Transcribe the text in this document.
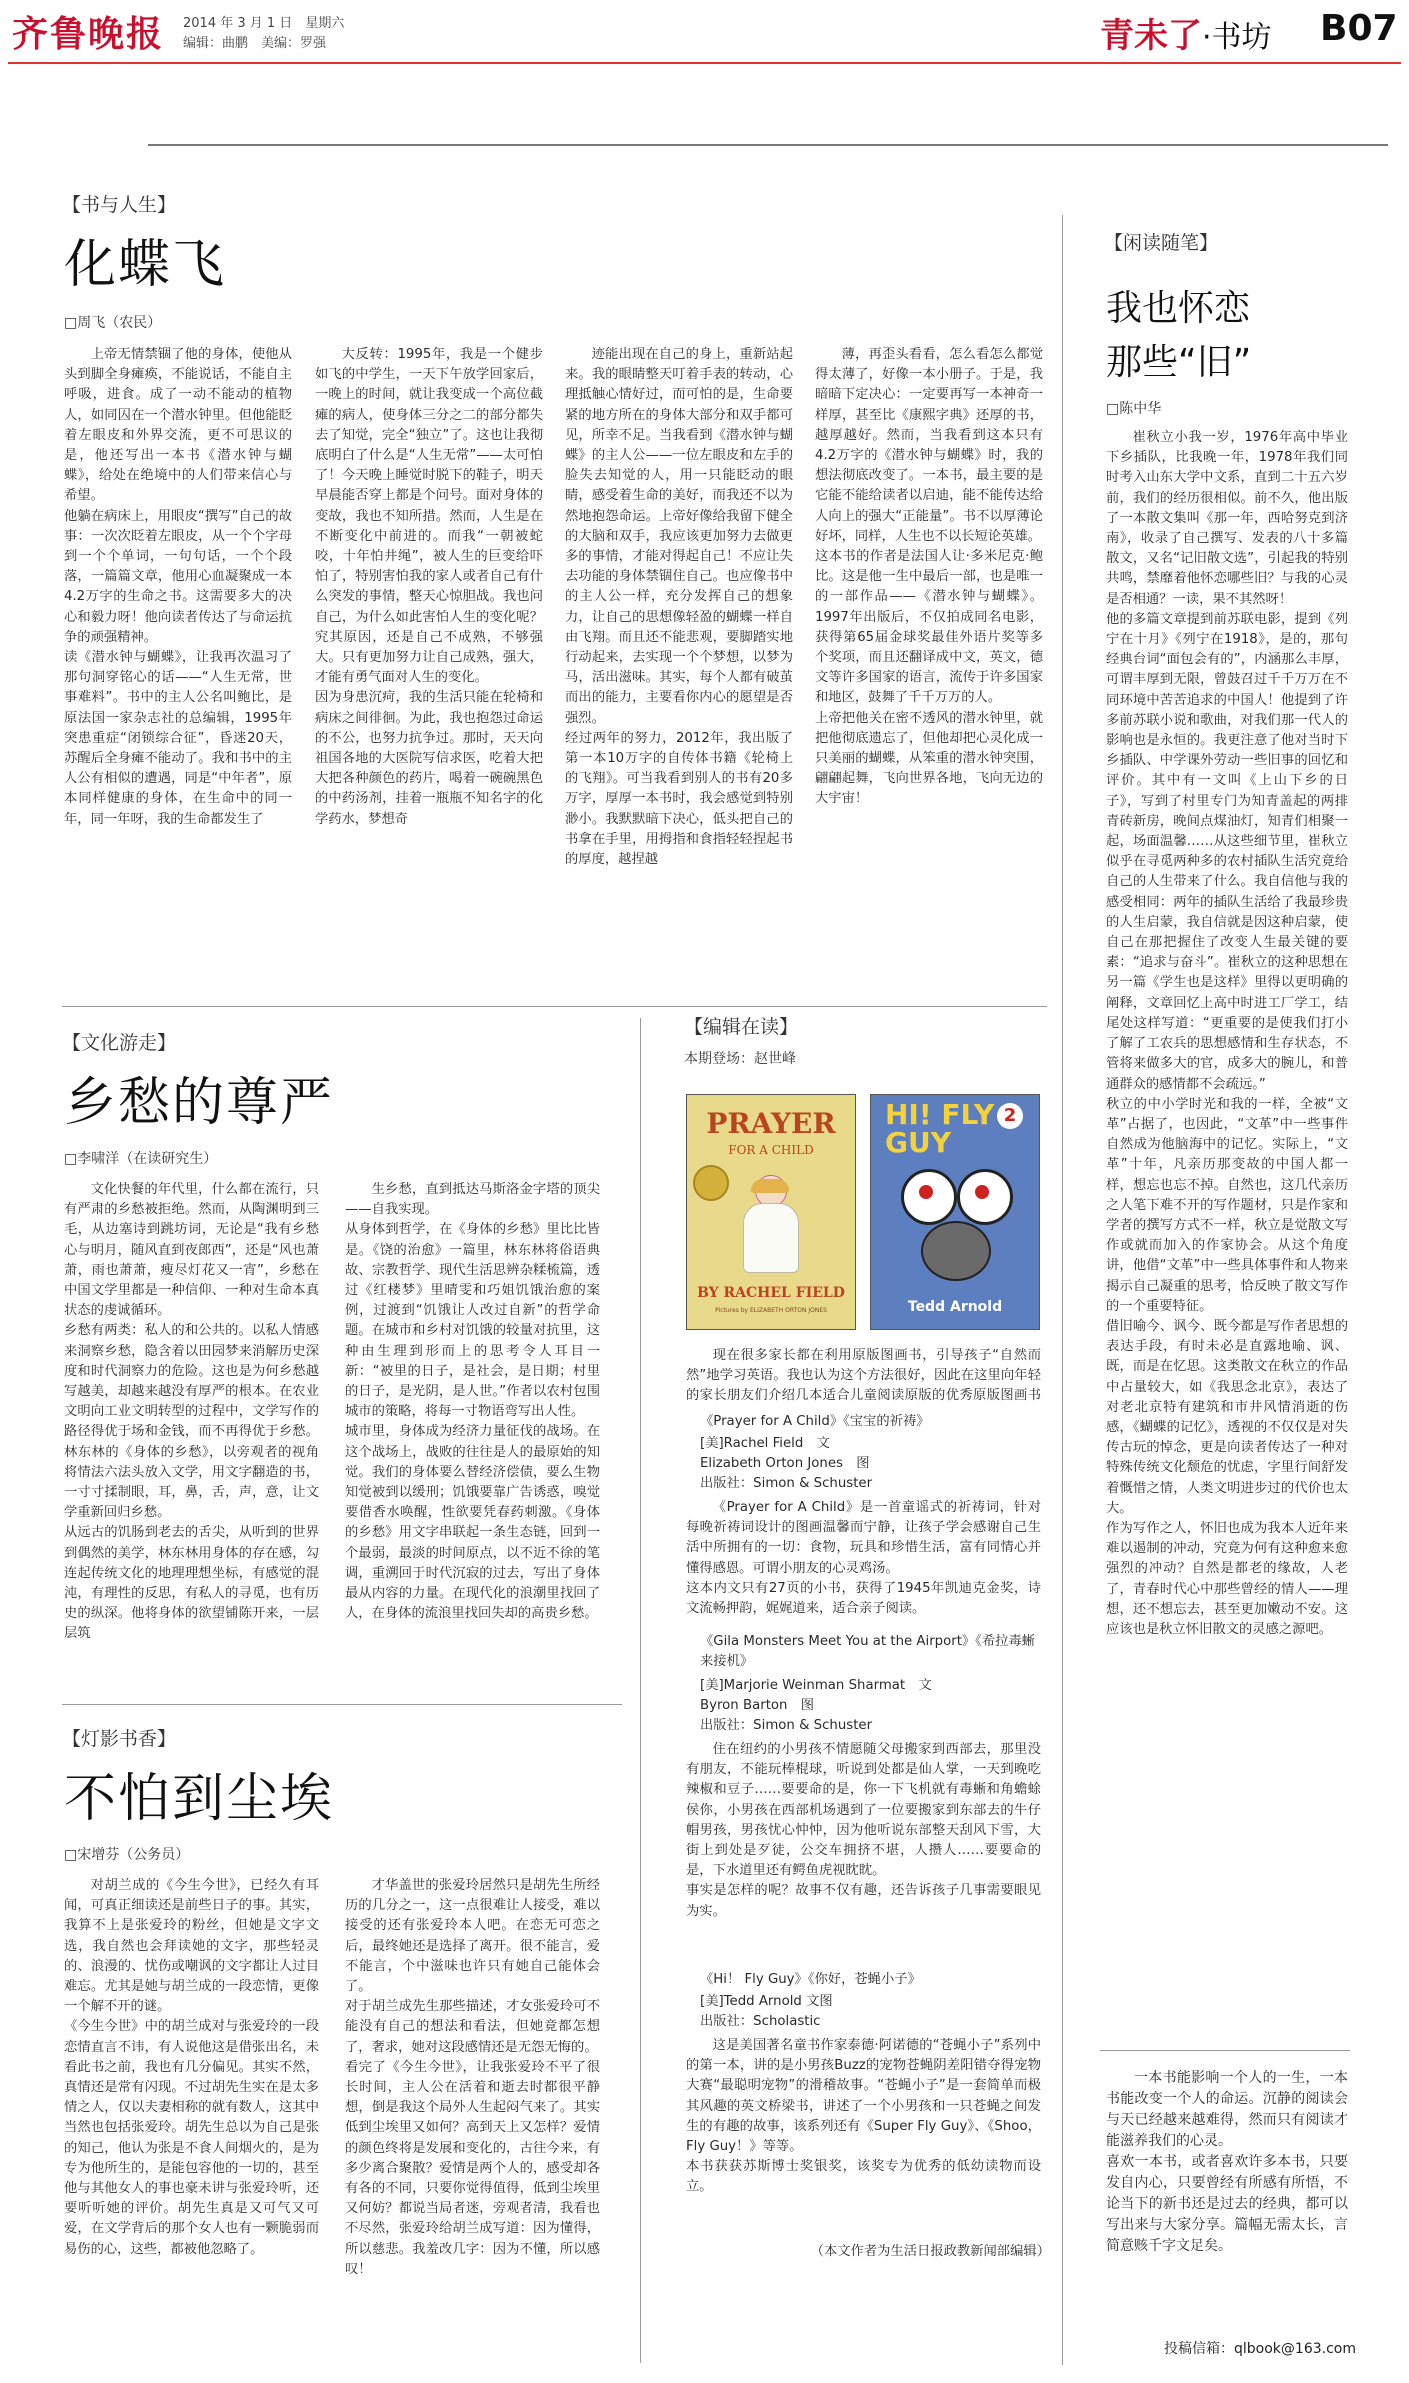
齐鲁晚报 2014 年 3 月 1 日　 星期六
编辑：曲鹏　美编：罗强	青未了·书坊 B07
【书与人生】
化蝶飞
□周飞（农民）
上帝无情禁锢了他的身体，使他从头到脚全身瘫痪，不能说话，不能自主呼吸，进食。成了一动不能动的植物人，如同囚在一个潜水钟里。但他能眨着左眼皮和外界交流，更不可思议的是，他还写出一本书《潜水钟与蝴蝶》，给处在绝境中的人们带来信心与希望。
他躺在病床上，用眼皮“撰写”自己的故事：一次次眨着左眼皮，从一个个字母到一个个单词，一句句话，一个个段落，一篇篇文章，他用心血凝聚成一本4.2万字的生命之书。这需要多大的决心和毅力呀！他向读者传达了与命运抗争的顽强精神。
读《潜水钟与蝴蝶》，让我再次温习了那句洞穿铭心的话——“人生无常，世事难料”。书中的主人公名叫鲍比，是原法国一家杂志社的总编辑，1995年突患重症“闭锁综合征”，昏迷20天，苏醒后全身瘫不能动了。我和书中的主人公有相似的遭遇，同是“中年者”，原本同样健康的身体，在生命中的同一年，同一年呀，我的生命都发生了
大反转：1995年，我是一个健步如飞的中学生，一天下午放学回家后，一晚上的时间，就让我变成一个高位截瘫的病人，使身体三分之二的部分都失去了知觉，完全“独立”了。这也让我彻底明白了什么是“人生无常”——太可怕了！今天晚上睡觉时脱下的鞋子，明天早晨能否穿上都是个问号。面对身体的变故，我也不知所措。然而，人生是在不断变化中前进的。而我“一朝被蛇咬，十年怕井绳”，被人生的巨变给吓怕了，特别害怕我的家人或者自己有什么突发的事情，整天心惊胆战。我也问自己，为什么如此害怕人生的变化呢？究其原因，还是自己不成熟，不够强大。只有更加努力让自己成熟，强大，才能有勇气面对人生的变化。
因为身患沉疴，我的生活只能在轮椅和病床之间徘徊。为此，我也抱怨过命运的不公，也努力抗争过。那时，天天向祖国各地的大医院写信求医，吃着大把大把各种颜色的药片，喝着一碗碗黑色的中药汤剂，挂着一瓶瓶不知名字的化学药水，梦想奇
迹能出现在自己的身上，重新站起来。我的眼睛整天叮着手表的转动，心理抵触心情好过，而可怕的是，生命要紧的地方所在的身体大部分和双手都可见，所幸不足。当我看到《潜水钟与蝴蝶》的主人公——一位左眼皮和左手的脸失去知觉的人，用一只能眨动的眼睛，感受着生命的美好，而我还不以为然地抱怨命运。上帝好像给我留下健全的大脑和双手，我应该更加努力去做更多的事情，才能对得起自己！不应让失去功能的身体禁锢住自己。也应像书中的主人公一样，充分发挥自己的想象力，让自己的思想像轻盈的蝴蝶一样自由飞翔。而且还不能悲观，要脚踏实地行动起来，去实现一个个梦想，以梦为马，活出滋味。其实，每个人都有破茧而出的能力，主要看你内心的愿望是否强烈。
经过两年的努力，2012年，我出版了第一本10万字的自传体书籍《轮椅上的飞翔》。可当我看到别人的书有20多万字，厚厚一本书时，我会感觉到特别渺小。我默默暗下决心，低头把自己的书拿在手里，用拇指和食指轻轻捏起书的厚度，越捏越
薄，再歪头看看，怎么看怎么都觉得太薄了，好像一本小册子。于是，我暗暗下定决心：一定要再写一本神奇一样厚，甚至比《康熙字典》还厚的书，越厚越好。然而，当我看到这本只有4.2万字的《潜水钟与蝴蝶》时，我的想法彻底改变了。一本书，最主要的是它能不能给读者以启迪，能不能传达给人向上的强大“正能量”。书不以厚薄论好坏，同样，人生也不以长短论英雄。
这本书的作者是法国人让·多米尼克·鲍比。这是他一生中最后一部，也是唯一的一部作品——《潜水钟与蝴蝶》。1997年出版后，不仅拍成同名电影，获得第65届金球奖最佳外语片奖等多个奖项，而且还翻译成中文，英文，德文等许多国家的语言，流传于许多国家和地区，鼓舞了千千万万的人。
上帝把他关在密不透风的潜水钟里，就把他彻底遗忘了，但他却把心灵化成一只美丽的蝴蝶，从笨重的潜水钟突围，翩翩起舞，飞向世界各地，飞向无边的大宇宙！
【文化游走】
乡愁的尊严
□李啸洋（在读研究生）
文化快餐的年代里，什么都在流行，只有严肃的乡愁被拒绝。然而，从陶渊明到三毛，从边塞诗到跳坊词，无论是“我有乡愁心与明月，随风直到夜郎西”，还是“风也萧萧，雨也萧萧，瘦尽灯花又一宵”，乡愁在中国文学里都是一种信仰、一种对生命本真状态的虔诚循环。
乡愁有两类：私人的和公共的。以私人情感来洞察乡愁，隐含着以田园梦来消解历史深度和时代洞察力的危险。这也是为何乡愁越写越美，却越来越没有厚严的根本。在农业文明向工业文明转型的过程中，文学写作的路径得优于场和金钱，而不再得优于乡愁。林东林的《身体的乡愁》，以旁观者的视角将情法六法头放入文学，用文字翻造的书，一寸寸揉制眼，耳，鼻，舌，声，意，让文学重新回归乡愁。
从远古的饥肠到老去的舌尖，从听到的世界到偶然的美学，林东林用身体的存在感，勾连起传统文化的地理理想坐标，有感觉的混沌，有理性的反思，有私人的寻觅，也有历史的纵深。他将身体的欲望铺陈开来，一层层筑
生乡愁，直到抵达马斯洛金字塔的顶尖——自我实现。
从身体到哲学，在《身体的乡愁》里比比皆是。《饶的治愈》一篇里，林东林将俗语典故、宗教哲学、现代生活思辨杂糅梳篇，透过《红楼梦》里晴雯和巧姐饥饿治愈的案例，过渡到“饥饿让人改过自新”的哲学命题。在城市和乡村对饥饿的较量对抗里，这种由生理到形而上的思考令人耳目一新：“被里的日子，是社会，是日期；村里的日子，是光阴，是人世。”作者以农村包围城市的策略，将每一寸物语弯写出人性。
城市里，身体成为经济力量征伐的战场。在这个战场上，战败的往往是人的最原始的知觉。我们的身体要么替经济偿债，要么生物知觉被到以缓刑；饥饿要靠广告诱惑，嗅觉要借香水唤醒，性欲要凭春药刺激。《身体的乡愁》用文字串联起一条生态链，回到一个最弱，最淡的时间原点，以不近不徐的笔调，重溯回于时代沉寂的过去，写出了身体最从内容的力量。在现代化的浪潮里找回了人，在身体的流浪里找回失却的高贵乡愁。
【灯影书香】
不怕到尘埃
□宋增芬（公务员）
对胡兰成的《今生今世》，已经久有耳闻，可真正细读还是前些日子的事。其实，我算不上是张爱玲的粉丝，但她是文字文选，我自然也会拜读她的文字，那些轻灵的、浪漫的、忧伤或嘲讽的文字都让人过目难忘。尤其是她与胡兰成的一段恋情，更像一个解不开的谜。
《今生今世》中的胡兰成对与张爱玲的一段恋情直言不讳，有人说他这是借张出名，未看此书之前，我也有几分偏见。其实不然，真情还是常有闪现。不过胡先生实在是太多情之人，仅以夫妻相称的就有数人，这其中当然也包括张爱玲。胡先生总以为自己是张的知己，他认为张是不食人间烟火的，是为专为他所生的，是能包容他的一切的，甚至他与其他女人的事也豪未讲与张爱玲听，还要听听她的评价。胡先生真是又可气又可爱，在文学背后的那个女人也有一颗脆弱而易伤的心，这些，都被他忽略了。
才华盖世的张爱玲居然只是胡先生所经历的几分之一，这一点很难让人接受，难以接受的还有张爱玲本人吧。在恋无可恋之后，最终她还是选择了离开。很不能言，爱不能言，个中滋味也许只有她自己能体会了。
对于胡兰成先生那些描述，才女张爱玲可不能没有自己的想法和看法，但她竟都怎想了，奢求，她对这段感情还是无怨无悔的。
看完了《今生今世》，让我张爱玲不平了很长时间，主人公在活着和逝去时都很平静想，倒是我这个局外人生起闷气来了。其实低到尘埃里又如何？高到天上又怎样？爱情的颜色终将是发展和变化的，古往今来，有多少离合聚散？爱情是两个人的，感受却各有各的不同，只要你觉得值得，低到尘埃里又何妨？都说当局者迷，旁观者清，我看也不尽然，张爱玲给胡兰成写道：因为懂得，所以慈悲。我羞改几字：因为不懂，所以感叹！
【编辑在读】
本期登场：赵世峰
PRAYER
FOR A CHILD
BY RACHEL FIELD
Pictures by ELIZABETH ORTON JONES
HI! FLY GUY
2
Tedd Arnold
现在很多家长都在利用原版图画书，引导孩子“自然而然”地学习英语。我也认为这个方法很好，因此在这里向年轻的家长朋友们介绍几本适合儿童阅读原版的优秀原版图画书
《Prayer for A Child》《宝宝的祈祷》
[美]Rachel Field　文
Elizabeth Orton Jones　图
出版社：Simon & Schuster
《Prayer for A Child》是一首童谣式的祈祷词，针对每晚祈祷词设计的图画温馨而宁静，让孩子学会感谢自己生活中所拥有的一切：食物，玩具和珍惜生活，富有同情心并懂得感恩。可谓小朋友的心灵鸡汤。
这本内文只有27页的小书，获得了1945年凯迪克金奖，诗文流畅押韵，娓娓道来，适合亲子阅读。
《Gila Monsters Meet You at the Airport》《希拉毒蜥来接机》
[美]Marjorie Weinman Sharmat　文
Byron Barton　图
出版社：Simon & Schuster
住在纽约的小男孩不情愿随父母搬家到西部去，那里没有朋友，不能玩棒棍球，听说到处都是仙人掌，一天到晚吃辣椒和豆子……要要命的是，你一下飞机就有毒蜥和角蟾蜍侯你，小男孩在西部机场遇到了一位要搬家到东部去的牛仔帽男孩，男孩忧心忡忡，因为他听说东部整天刮风下雪，大街上到处是歹徒，公交车拥挤不堪，人攒人……要要命的是，下水道里还有鳄鱼虎视眈眈。
事实是怎样的呢？故事不仅有趣，还告诉孩子几事需要眼见为实。
《Hi！ Fly Guy》《你好，苍蝇小子》
[美]Tedd Arnold 文图
出版社：Scholastic
这是美国著名童书作家泰德·阿诺德的“苍蝇小子”系列中的第一本，讲的是小男孩Buzz的宠物苍蝇阴差阳错夺得宠物大赛“最聪明宠物”的滑稽故事。“苍蝇小子”是一套简单而极其风趣的英文桥梁书，讲述了一个小男孩和一只苍蝇之间发生的有趣的故事，该系列还有《Super Fly Guy》、《Shoo，Fly Guy！》等等。
本书获获苏斯博士奖银奖，该奖专为优秀的低幼读物而设立。
（本文作者为生活日报政教新闻部编辑）
【闲读随笔】
我也怀恋
那些“旧”
□陈中华
崔秋立小我一岁，1976年高中毕业下乡插队，比我晚一年，1978年我们同时考入山东大学中文系，直到二十五六岁前，我们的经历很相似。前不久，他出版了一本散文集叫《那一年，西哈努克到济南》，收录了自己撰写、发表的八十多篇散文，又名“记旧散文选”，引起我的特别共鸣，禁靡着他怀恋哪些旧？与我的心灵是否相通？一读，果不其然呀！
他的多篇文章提到前苏联电影，提到《列宁在十月》《列宁在1918》，是的，那句经典台词“面包会有的”，内涵那么丰厚，可谓丰厚到无限，曾鼓召过千千万万在不同环境中苦苦追求的中国人！他提到了许多前苏联小说和歌曲，对我们那一代人的影响也是永恒的。我更注意了他对当时下乡插队、中学课外劳动一些旧事的回忆和评价。其中有一文叫《上山下乡的日子》，写到了村里专门为知青盖起的两排青砖新房，晚间点煤油灯，知青们相聚一起，场面温馨……从这些细节里，崔秋立似乎在寻觅两种多的农村插队生活究竟给自己的人生带来了什么。我自信他与我的感受相同：两年的插队生活给了我最珍贵的人生启蒙，我自信就是因这种启蒙，使自己在那把握住了改变人生最关键的要素：“追求与奋斗”。崔秋立的这种思想在另一篇《学生也是这样》里得以更明确的阐释，文章回忆上高中时进工厂学工，结尾处这样写道：“更重要的是使我们打小了解了工农兵的思想感情和生存状态，不管将来做多大的官，成多大的腕儿，和普通群众的感情都不会疏远。”
秋立的中小学时光和我的一样，全被“文革”占据了，也因此，“文革”中一些事件自然成为他脑海中的记忆。实际上，“文革”十年，凡亲历那变故的中国人都一样，想忘也忘不掉。自然也，这几代亲历之人笔下难不开的写作题材，只是作家和学者的撰写方式不一样，秋立是觉散文写作或就而加入的作家协会。从这个角度讲，他借“文革”中一些具体事件和人物来揭示自己凝重的思考，恰反映了散文写作的一个重要特征。
借旧喻今、讽今、既今都是写作者思想的表达手段，有时未必是直露地喻、讽、既，而是在忆思。这类散文在秋立的作品中占量较大，如《我思念北京》，表达了对老北京特有建筑和市井风情消逝的伤感，《蝴蝶的记忆》，透视的不仅仅是对失传古玩的悼念，更是向读者传达了一种对特殊传统文化颓危的忧虑，字里行间舒发着慨惜之情，人类文明进步过的代价也太大。
作为写作之人，怀旧也成为我本人近年来难以遏制的冲动，究竟为何有这种愈来愈强烈的冲动？自然是都老的缘故，人老了，青春时代心中那些曾经的情人——理想，还不想忘去，甚至更加嫩动不安。这应该也是秋立怀旧散文的灵感之源吧。
一本书能影响一个人的一生，一本书能改变一个人的命运。沉静的阅读会与天已经越来越难得，然而只有阅读才能滋养我们的心灵。
喜欢一本书，或者喜欢许多本书，只要发自内心，只要曾经有所感有所悟，不论当下的新书还是过去的经典，都可以写出来与大家分享。篇幅无需太长，言简意赅千字文足矣。
投稿信箱：qlbook@163.com
